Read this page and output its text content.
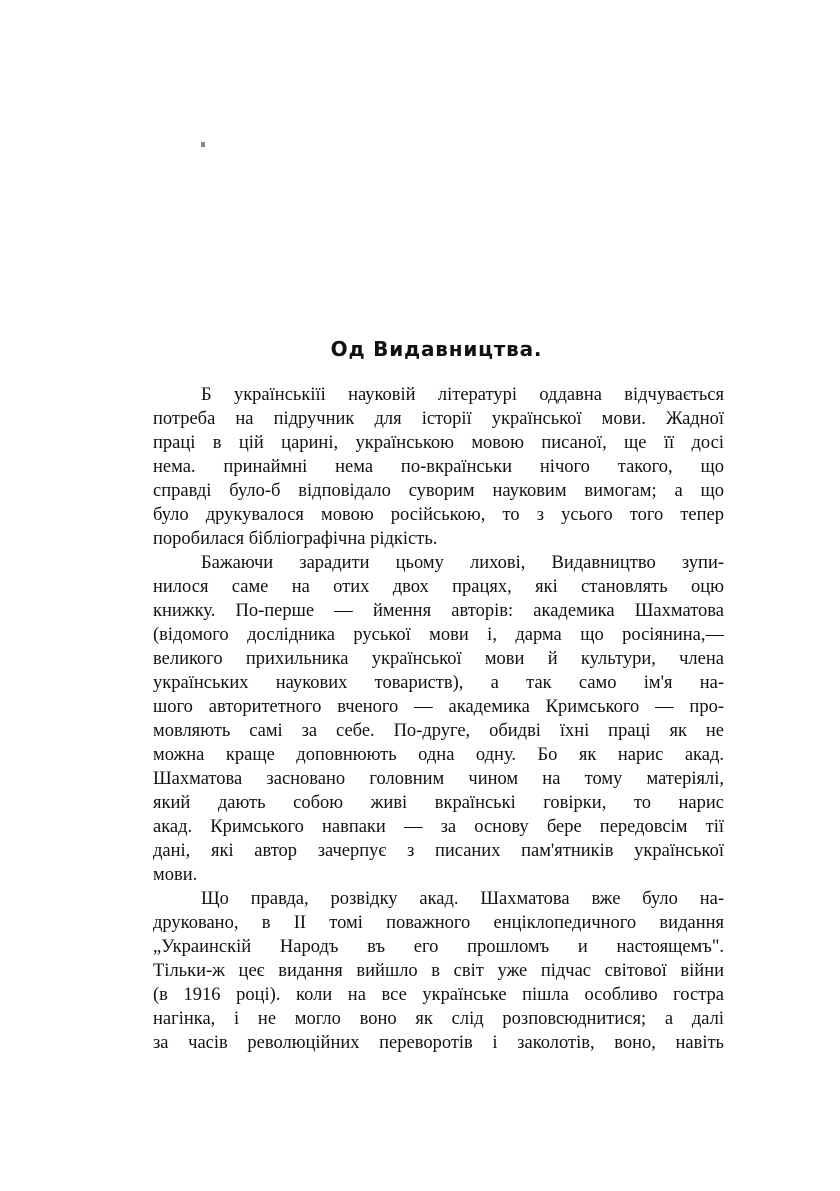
Од Видавництва.
Б українськіїі науковій літературі оддавна відчувається
потреба на підручник для історії української мови. Жадної
праці в цій царині, українською мовою писаної, ще її досі
нема. принаймні нема по-вкраїнськи нічого такого, що
справді було-б відповідало суворим науковим вимогам; а що
було друкувалося мовою російською, то з усього того тепер
поробилася бібліографічна рідкість.
Бажаючи зарадити цьому лихові, Видавництво зупи-
нилося саме на отих двох працях, які становлять оцю
книжку. По-перше — ймення авторів: академика Шахматова
(відомого дослідника руської мови і, дарма що росіянина,—
великого прихильника української мови й культури, члена
українських наукових товариств), а так само ім'я на-
шого авторитетного вченого — академика Кримського — про-
мовляють самі за себе. По-друге, обидві їхні праці як не
можна краще доповнюють одна одну. Бо як нарис акад.
Шахматова засновано головним чином на тому матеріялі,
який дають собою живі вкраїнські говірки, то нарис
акад. Кримського навпаки — за основу бере передовсім тії
дані, які автор зачерпує з писаних пам'ятників української
мови.
Що правда, розвідку акад. Шахматова вже було на-
друковано, в II томі поважного енціклопедичного видання
„Украинскій Народъ въ его прошломъ и настоящемъ".
Тільки-ж цеє видання вийшло в світ уже підчас світової війни
(в 1916 році). коли на все українське пішла особливо гостра
нагінка, і не могло воно як слід розповсюднитися; а далі
за часів революційних переворотів і заколотів, воно, навіть
